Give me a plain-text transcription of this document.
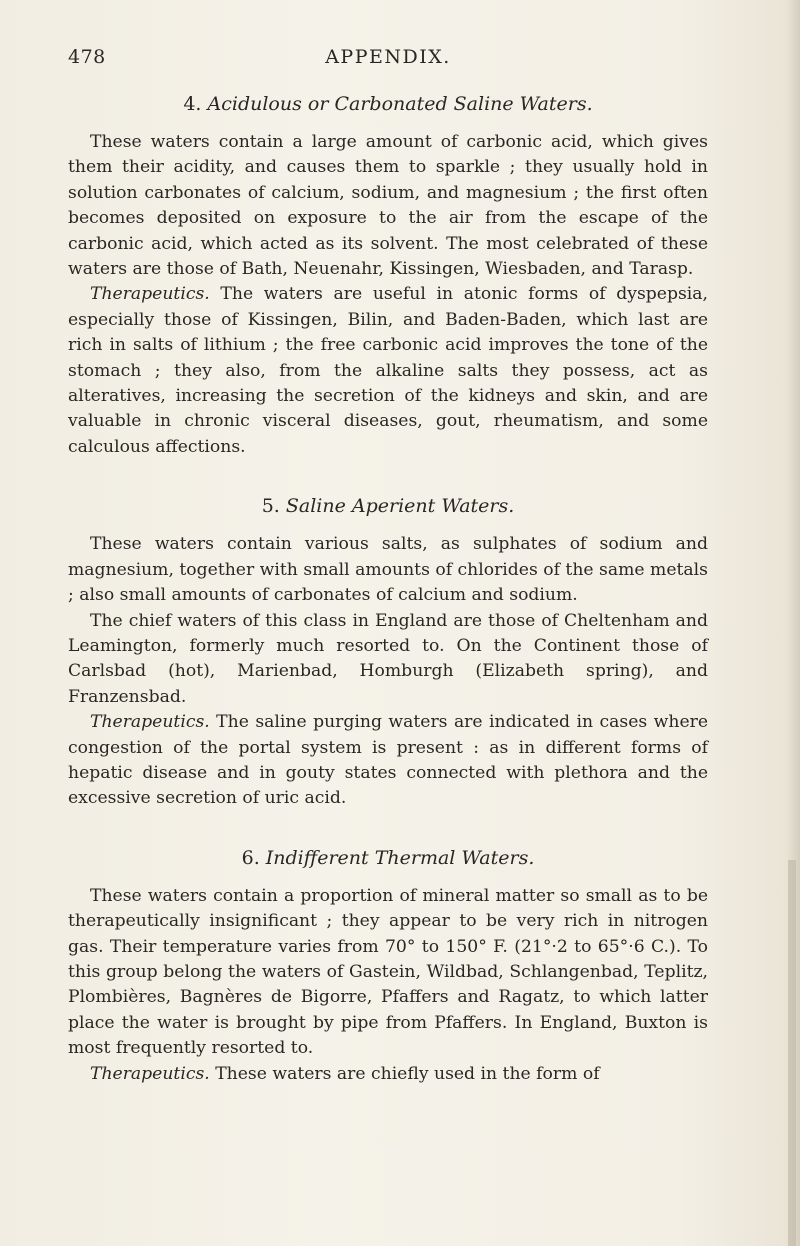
478	APPENDIX.
4. Acidulous or Carbonated Saline Waters.

These waters contain a large amount of carbonic acid, which gives them their acidity, and causes them to sparkle ; they usually hold in solution carbonates of calcium, sodium, and magnesium ; the first often becomes deposited on exposure to the air from the escape of the carbonic acid, which acted as its solvent. The most celebrated of these waters are those of Bath, Neuenahr, Kissingen, Wiesbaden, and Tarasp.

Therapeutics. The waters are useful in atonic forms of dyspepsia, especially those of Kissingen, Bilin, and Baden-Baden, which last are rich in salts of lithium ; the free carbonic acid improves the tone of the stomach ; they also, from the alkaline salts they possess, act as alteratives, increasing the secretion of the kidneys and skin, and are valuable in chronic visceral diseases, gout, rheumatism, and some calculous affections.

5. Saline Aperient Waters.

These waters contain various salts, as sulphates of sodium and magnesium, together with small amounts of chlorides of the same metals ; also small amounts of carbonates of calcium and sodium.

The chief waters of this class in England are those of Cheltenham and Leamington, formerly much resorted to. On the Continent those of Carlsbad (hot), Marienbad, Homburgh (Elizabeth spring), and Franzensbad.

Therapeutics. The saline purging waters are indicated in cases where congestion of the portal system is present : as in different forms of hepatic disease and in gouty states connected with plethora and the excessive secretion of uric acid.

6. Indifferent Thermal Waters.

These waters contain a proportion of mineral matter so small as to be therapeutically insignificant ; they appear to be very rich in nitrogen gas. Their temperature varies from 70° to 150° F. (21°·2 to 65°·6 C.). To this group belong the waters of Gastein, Wildbad, Schlangenbad, Teplitz, Plombières, Bagnères de Bigorre, Pfaffers and Ragatz, to which latter place the water is brought by pipe from Pfaffers. In England, Buxton is most frequently resorted to.

Therapeutics. These waters are chiefly used in the form of
